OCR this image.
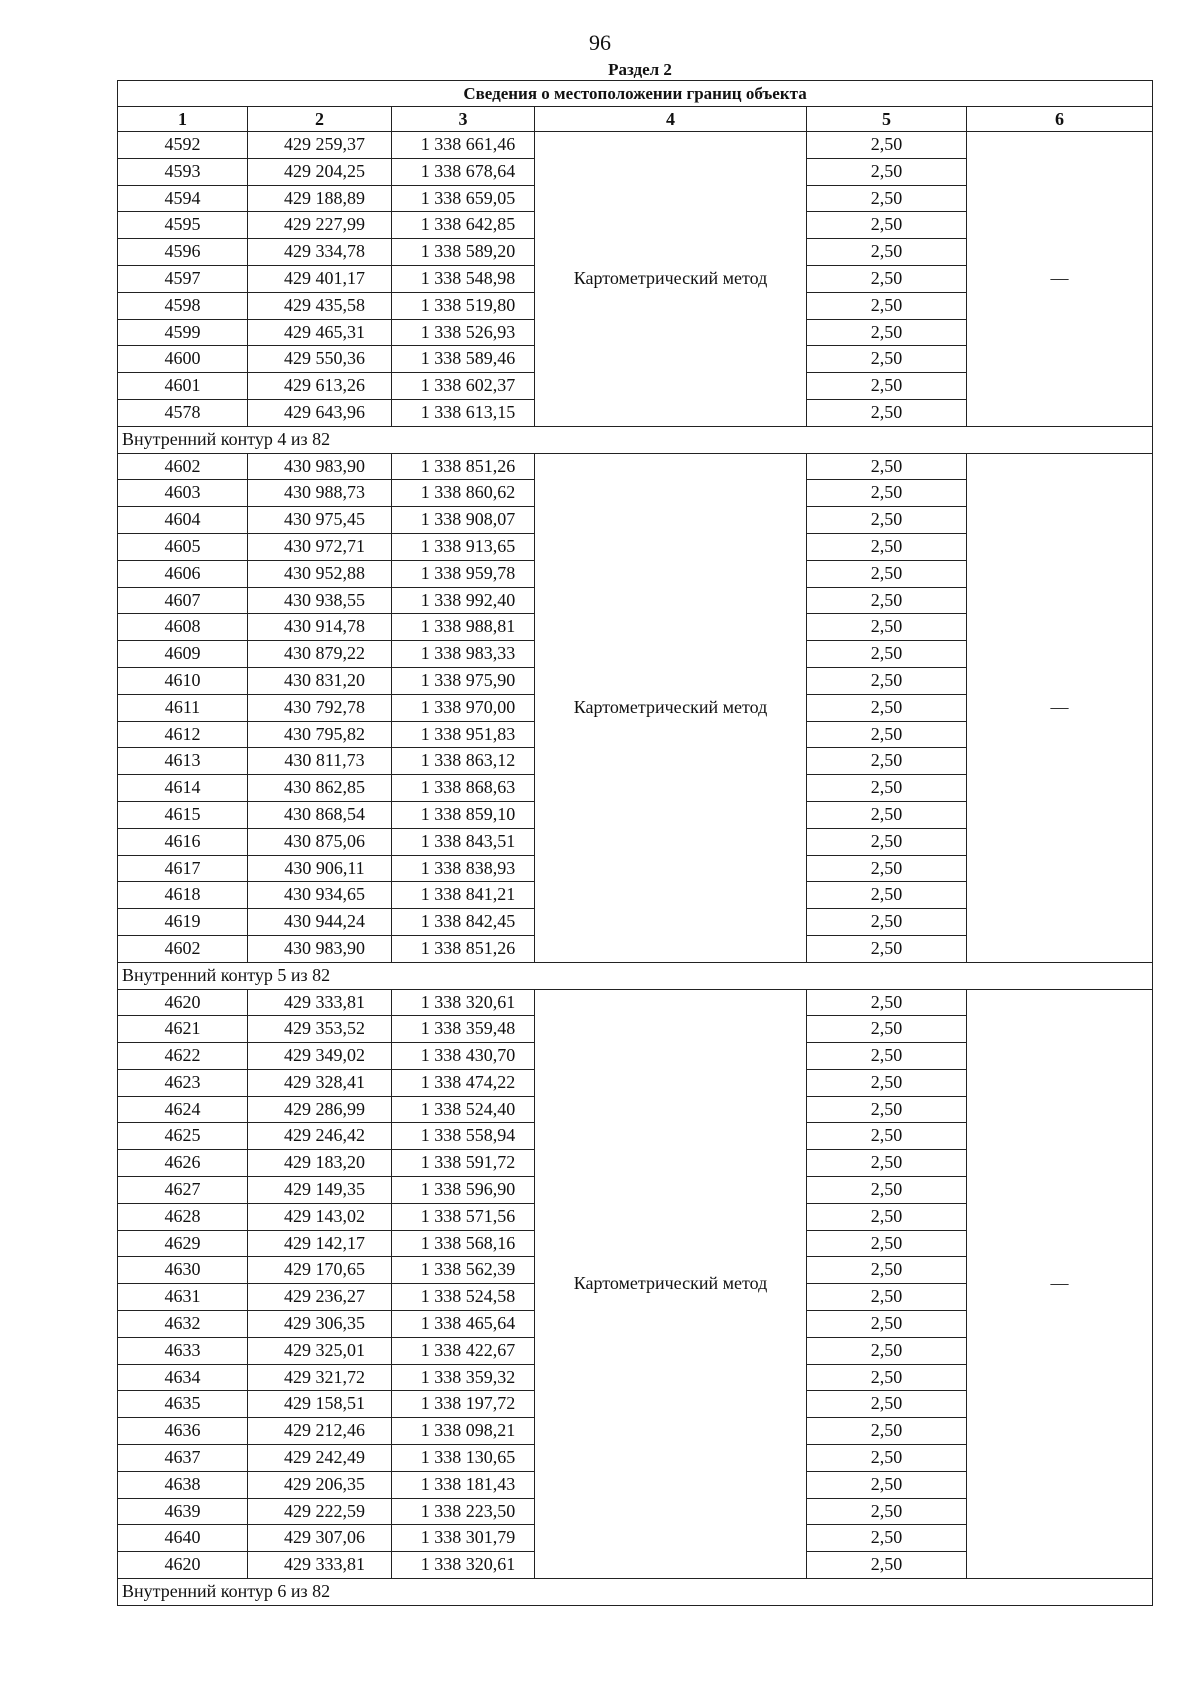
96
Раздел 2
Сведения о местоположении границ объекта					
1	2	3	4	5	6
4592	429 259,37	1 338 661,46	Картометрический метод	2,50	—
4593	429 204,25	1 338 678,64		2,50	
4594	429 188,89	1 338 659,05		2,50	
4595	429 227,99	1 338 642,85		2,50	
4596	429 334,78	1 338 589,20		2,50	
4597	429 401,17	1 338 548,98		2,50	
4598	429 435,58	1 338 519,80		2,50	
4599	429 465,31	1 338 526,93		2,50	
4600	429 550,36	1 338 589,46		2,50	
4601	429 613,26	1 338 602,37		2,50	
4578	429 643,96	1 338 613,15		2,50	
Внутренний контур 4 из 82					
4602	430 983,90	1 338 851,26	Картометрический метод	2,50	—
4603	430 988,73	1 338 860,62		2,50	
4604	430 975,45	1 338 908,07		2,50	
4605	430 972,71	1 338 913,65		2,50	
4606	430 952,88	1 338 959,78		2,50	
4607	430 938,55	1 338 992,40		2,50	
4608	430 914,78	1 338 988,81		2,50	
4609	430 879,22	1 338 983,33		2,50	
4610	430 831,20	1 338 975,90		2,50	
4611	430 792,78	1 338 970,00		2,50	
4612	430 795,82	1 338 951,83		2,50	
4613	430 811,73	1 338 863,12		2,50	
4614	430 862,85	1 338 868,63		2,50	
4615	430 868,54	1 338 859,10		2,50	
4616	430 875,06	1 338 843,51		2,50	
4617	430 906,11	1 338 838,93		2,50	
4618	430 934,65	1 338 841,21		2,50	
4619	430 944,24	1 338 842,45		2,50	
4602	430 983,90	1 338 851,26		2,50	
Внутренний контур 5 из 82					
4620	429 333,81	1 338 320,61	Картометрический метод	2,50	—
4621	429 353,52	1 338 359,48		2,50	
4622	429 349,02	1 338 430,70		2,50	
4623	429 328,41	1 338 474,22		2,50	
4624	429 286,99	1 338 524,40		2,50	
4625	429 246,42	1 338 558,94		2,50	
4626	429 183,20	1 338 591,72		2,50	
4627	429 149,35	1 338 596,90		2,50	
4628	429 143,02	1 338 571,56		2,50	
4629	429 142,17	1 338 568,16		2,50	
4630	429 170,65	1 338 562,39		2,50	
4631	429 236,27	1 338 524,58		2,50	
4632	429 306,35	1 338 465,64		2,50	
4633	429 325,01	1 338 422,67		2,50	
4634	429 321,72	1 338 359,32		2,50	
4635	429 158,51	1 338 197,72		2,50	
4636	429 212,46	1 338 098,21		2,50	
4637	429 242,49	1 338 130,65		2,50	
4638	429 206,35	1 338 181,43		2,50	
4639	429 222,59	1 338 223,50		2,50	
4640	429 307,06	1 338 301,79		2,50	
4620	429 333,81	1 338 320,61		2,50	
Внутренний контур 6 из 82					
